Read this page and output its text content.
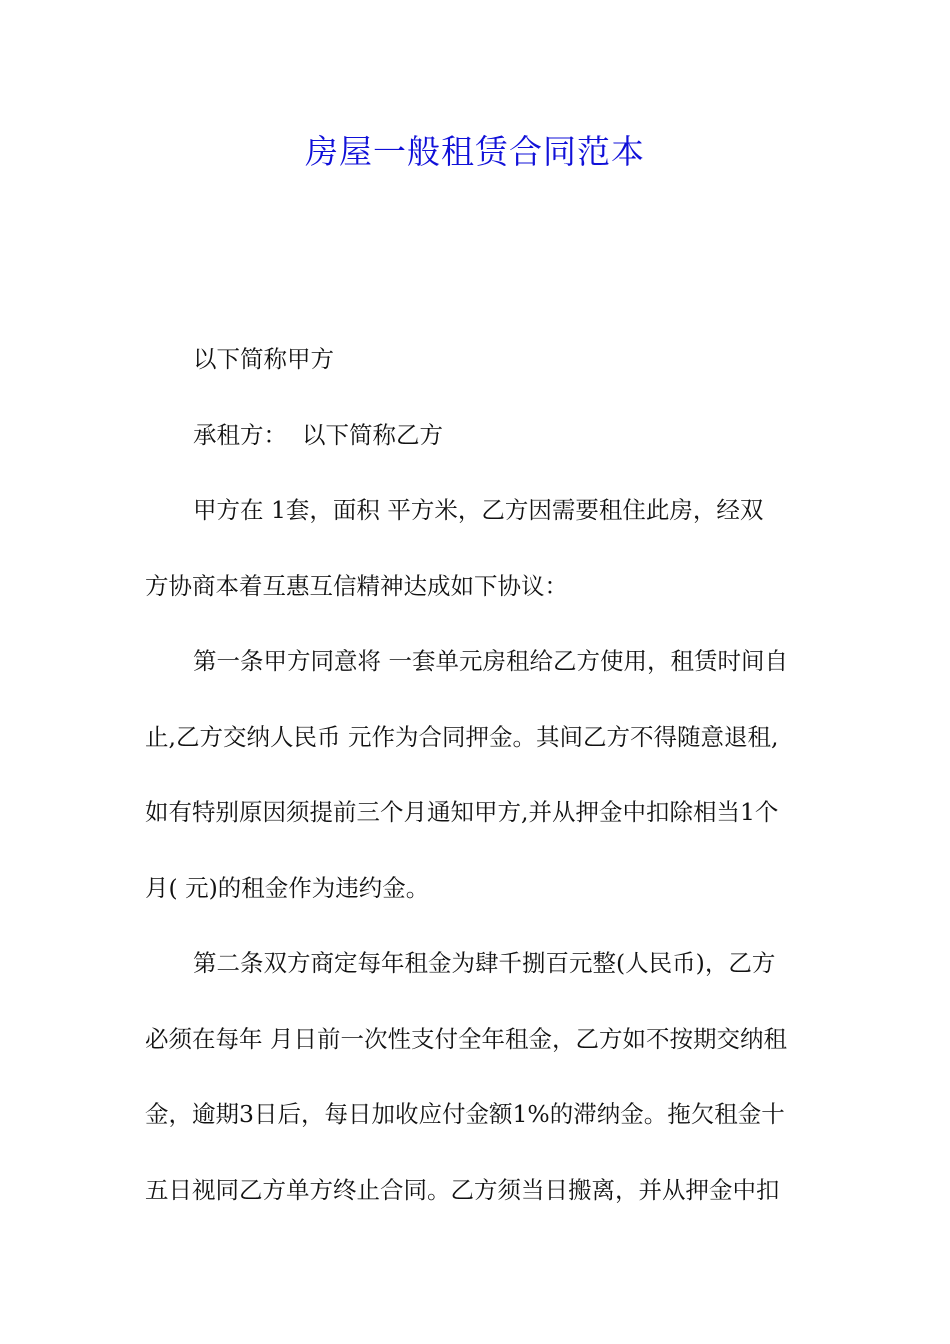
房屋一般租赁合同范本
以下简称甲方
承租方：  以下简称乙方
甲方在 1套，面积 平方米，乙方因需要租住此房，经双
方协商本着互惠互信精神达成如下协议：
第一条甲方同意将 一套单元房租给乙方使用，租赁时间自
止,乙方交纳人民币 元作为合同押金。其间乙方不得随意退租,
如有特别原因须提前三个月通知甲方,并从押金中扣除相当1个
月( 元)的租金作为违约金。
第二条双方商定每年租金为肆千捌百元整(人民币)，乙方
必须在每年 月日前一次性支付全年租金，乙方如不按期交纳租
金，逾期3日后，每日加收应付金额1%的滞纳金。拖欠租金十
五日视同乙方单方终止合同。乙方须当日搬离，并从押金中扣
